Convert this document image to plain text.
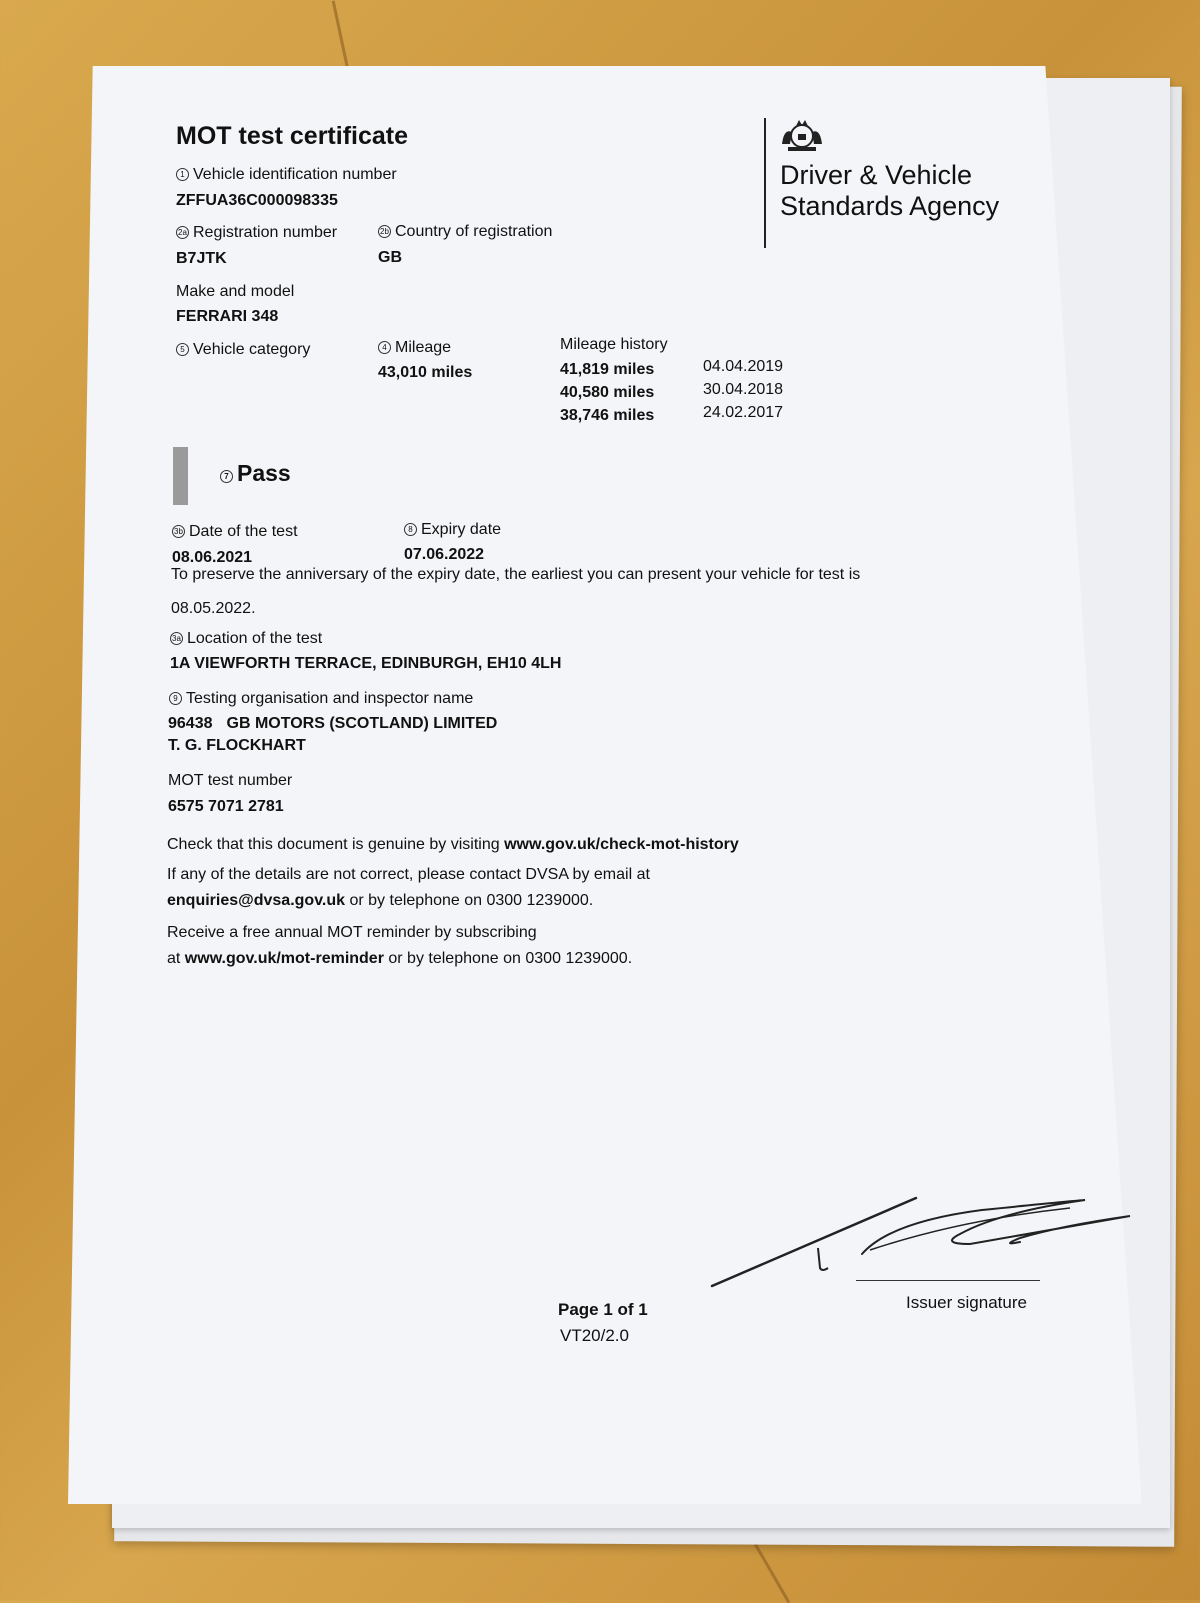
MOT test certificate

Driver & Vehicle Standards Agency

1 Vehicle identification number

ZFFUA36C000098335

2a Registration number

B7JTK

2b Country of registration

GB

Make and model

FERRARI 348

5 Vehicle category	4 Mileage

43,010 miles

Mileage history

41,819 miles	04.04.2019

40,580 miles	30.04.2018

38,746 miles	24.02.2017

7 Pass

3b Date of the test

08.06.2021

8 Expiry date

07.06.2022

To preserve the anniversary of the expiry date, the earliest you can present your vehicle for test is

08.05.2022.

3a Location of the test

1A VIEWFORTH TERRACE, EDINBURGH, EH10 4LH

9 Testing organisation and inspector name

96438 GB MOTORS (SCOTLAND) LIMITED

T. G. FLOCKHART

MOT test number

6575 7071 2781

Check that this document is genuine by visiting www.gov.uk/check-mot-history

If any of the details are not correct, please contact DVSA by email at

enquiries@dvsa.gov.uk or by telephone on 0300 1239000.

Receive a free annual MOT reminder by subscribing

at www.gov.uk/mot-reminder or by telephone on 0300 1239000.

Issuer signature

Page 1 of 1

VT20/2.0
